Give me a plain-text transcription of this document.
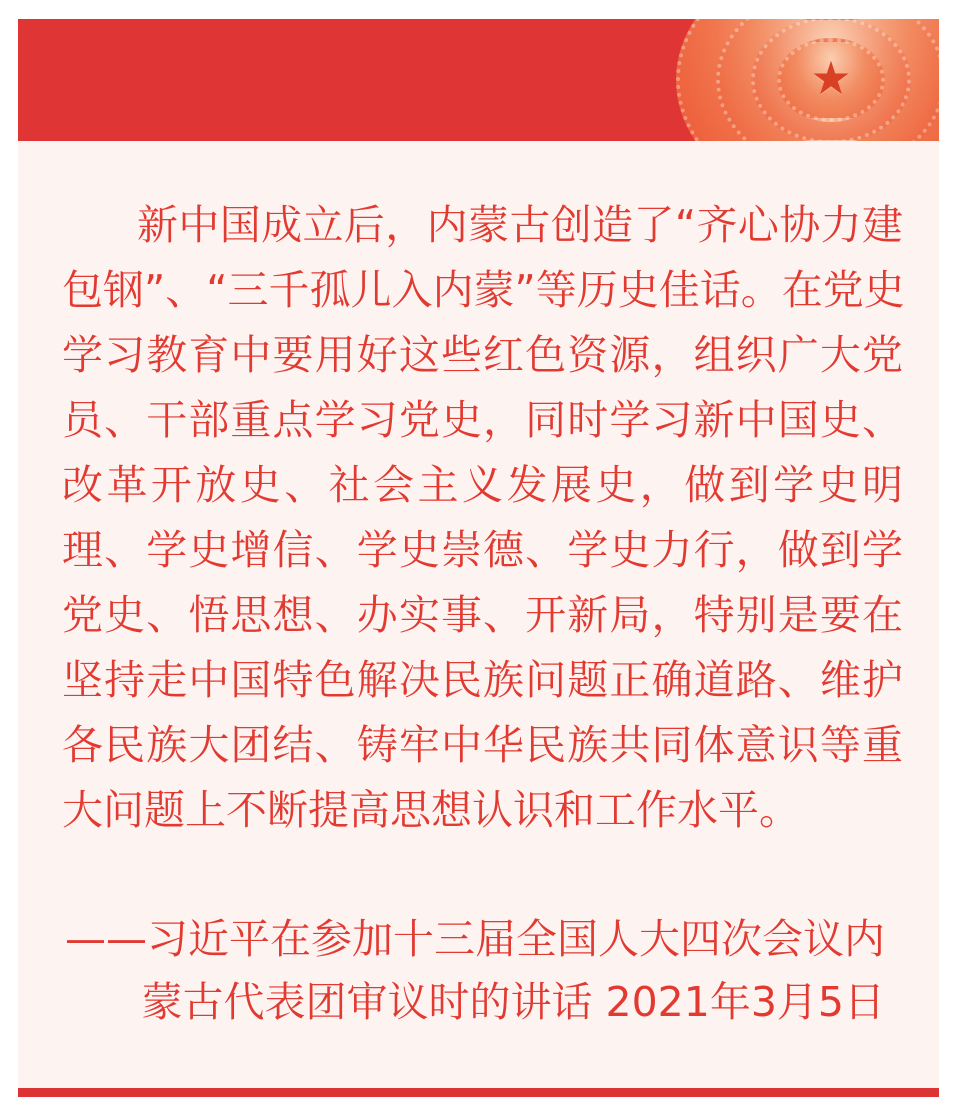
★
新中国成立后，内蒙古创造了“齐心协力建
包钢”、“三千孤儿入内蒙”等历史佳话。在党史
学习教育中要用好这些红色资源，组织广大党
员、干部重点学习党史，同时学习新中国史、
改革开放史、社会主义发展史，做到学史明
理、学史增信、学史崇德、学史力行，做到学
党史、悟思想、办实事、开新局，特别是要在
坚持走中国特色解决民族问题正确道路、维护
各民族大团结、铸牢中华民族共同体意识等重
大问题上不断提高思想认识和工作水平。
——习近平在参加十三届全国人大四次会议内
蒙古代表团审议时的讲话 2021年3月5日
